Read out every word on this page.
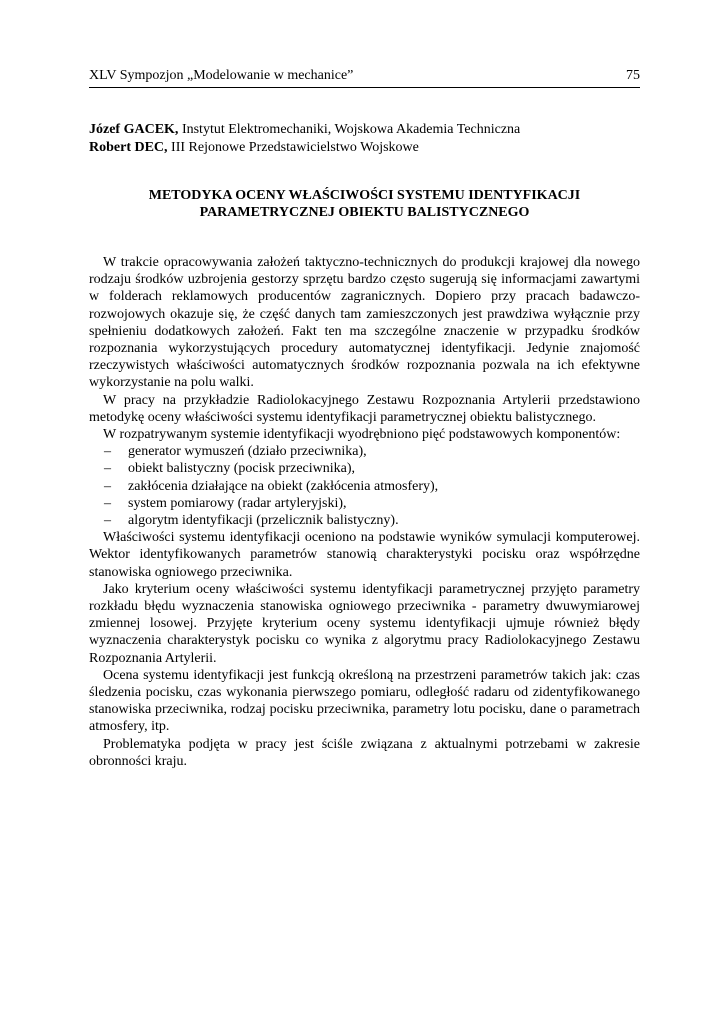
XLV Sympozjon „Modelowanie w mechanice”	75
Józef GACEK, Instytut Elektromechaniki, Wojskowa Akademia Techniczna
Robert DEC, III Rejonowe Przedstawicielstwo Wojskowe
METODYKA OCENY WŁAŚCIWOŚCI SYSTEMU IDENTYFIKACJI
PARAMETRYCZNEJ OBIEKTU BALISTYCZNEGO

W trakcie opracowywania założeń taktyczno-technicznych do produkcji krajowej dla nowego rodzaju środków uzbrojenia gestorzy sprzętu bardzo często sugerują się informacjami zawartymi w folderach reklamowych producentów zagranicznych. Dopiero przy pracach badawczo-rozwojowych okazuje się, że część danych tam zamieszczonych jest prawdziwa wyłącznie przy spełnieniu dodatkowych założeń. Fakt ten ma szczególne znaczenie w przypadku środków rozpoznania wykorzystujących procedury automatycznej identyfikacji. Jedynie znajomość rzeczywistych właściwości automatycznych środków rozpoznania pozwala na ich efektywne wykorzystanie na polu walki.

W pracy na przykładzie Radiolokacyjnego Zestawu Rozpoznania Artylerii przedstawiono metodykę oceny właściwości systemu identyfikacji parametrycznej obiektu balistycznego.

W rozpatrywanym systemie identyfikacji wyodrębniono pięć podstawowych komponentów:

– generator wymuszeń (działo przeciwnika),
– obiekt balistyczny (pocisk przeciwnika),
– zakłócenia działające na obiekt (zakłócenia atmosfery),
– system pomiarowy (radar artyleryjski),
– algorytm identyfikacji (przelicznik balistyczny).

Właściwości systemu identyfikacji oceniono na podstawie wyników symulacji komputerowej. Wektor identyfikowanych parametrów stanowią charakterystyki pocisku oraz współrzędne stanowiska ogniowego przeciwnika.

Jako kryterium oceny właściwości systemu identyfikacji parametrycznej przyjęto parametry rozkładu błędu wyznaczenia stanowiska ogniowego przeciwnika - parametry dwuwymiarowej zmiennej losowej. Przyjęte kryterium oceny systemu identyfikacji ujmuje również błędy wyznaczenia charakterystyk pocisku co wynika z algorytmu pracy Radiolokacyjnego Zestawu Rozpoznania Artylerii.

Ocena systemu identyfikacji jest funkcją określoną na przestrzeni parametrów takich jak: czas śledzenia pocisku, czas wykonania pierwszego pomiaru, odległość radaru od zidentyfikowanego stanowiska przeciwnika, rodzaj pocisku przeciwnika, parametry lotu pocisku, dane o parametrach atmosfery, itp.

Problematyka podjęta w pracy jest ściśle związana z aktualnymi potrzebami w zakresie obronności kraju.
